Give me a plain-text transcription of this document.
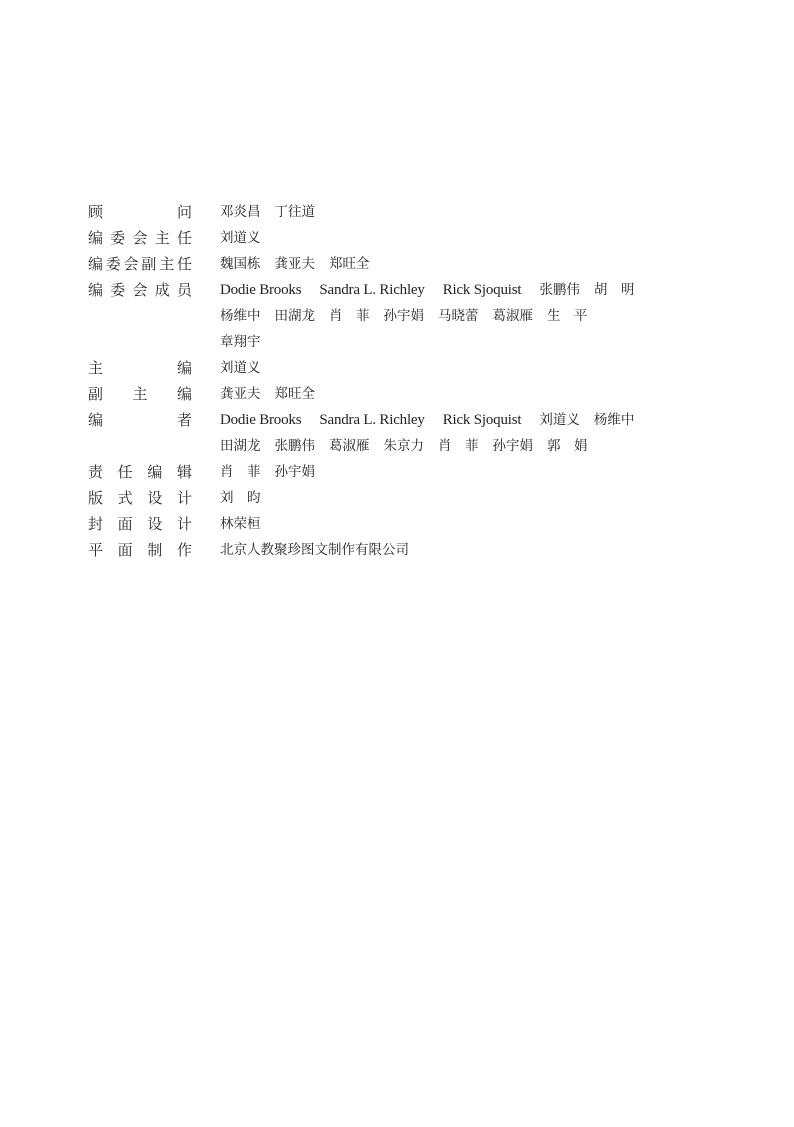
顾问 邓炎昌 丁往道
编委会主任 刘道义
编委会副主任 魏国栋 龚亚夫 郑旺全
编委会成员 Dodie Brooks Sandra L. Richley Rick Sjoquist 张鹏伟 胡　明
杨维中 田湖龙 肖　菲 孙宇娟 马晓蕾 葛淑雁 生　平
章翔宇
主编 刘道义
副主编 龚亚夫 郑旺全
编者 Dodie Brooks Sandra L. Richley Rick Sjoquist 刘道义 杨维中
田湖龙 张鹏伟 葛淑雁 朱京力 肖　菲 孙宇娟 郭　娟
责任编辑 肖　菲 孙宇娟
版式设计 刘　昀
封面设计 林荣桓
平面制作 北京人教聚珍图文制作有限公司
